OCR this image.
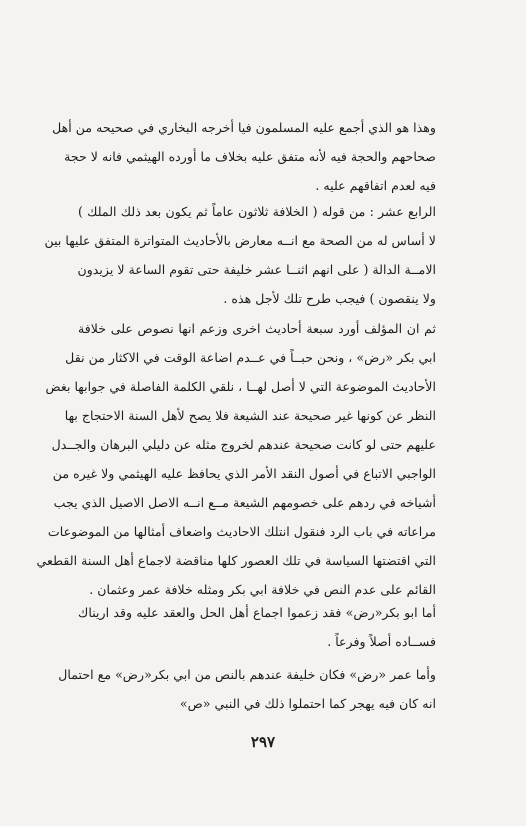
وهذا هو الذي أجمع عليه المسلمون فيا أخرجه البخاري في صحيحه من أهل
صحاحهم والحجة فيه لأنه متفق عليه بخلاف ما أورده الهيثمي فانه لا حجة
فيه لعدم اتفاقهم عليه .
الرابع عشر : من قوله ( الخلافة ثلاثون عاماً ثم يكون بعد ذلك الملك )
لا أساس له من الصحة مع انــه معارض بالأحاديث المتواترة المتفق عليها بين
الامــة الدالة ( على انهم اثنــا عشر خليفة حتى تقوم الساعة لا يزيدون
ولا ينقصون ) فيجب طرح تلك لأجل هذه .
ثم ان المؤلف أورد سبعة أحاديث اخرى وزعم انها نصوص على خلافة
ابي بكر «رض» ، ونحن حبــاً في عــدم اضاعة الوقت في الاكثار من نقل
الأحاديث الموضوعة التي لا أصل لهــا ، نلقي الكلمة الفاصلة في جوابها بغض
النظر عن كونها غير صحيحة عند الشيعة فلا يصح لأهل السنة الاحتجاج بها
عليهم حتى لو كانت صحيحة عندهم لخروج مثله عن دليلي البرهان والجــدل
الواجبي الاتباع في أصول النقد الأمر الذي يحافظ عليه الهيثمي ولا غيره من
أشياخه في ردهم على خصومهم الشيعة مــع انــه الاصل الاصيل الذي يجب
مراعاته في باب الرد فنقول انتلك الاحاديث واضعاف أمثالها من الموضوعات
التي اقتضتها السياسة في تلك العصور كلها مناقضة لاجماع أهل السنة القطعي
القائم على عدم النص في خلافة ابي بكر ومثله خلافة عمر وعثمان .
أما ابو بكر«رض» فقد زعموا اجماع أهل الحل والعقد عليه وقد اريناك
فســاده أصلاً وفرعاً .
وأما عمر «رض» فكان خليفة عندهم بالنص من ابي بكر«رض» مع احتمال
انه كان فيه يهجر كما احتملوا ذلك في النبي «ص»
٢٩٧
